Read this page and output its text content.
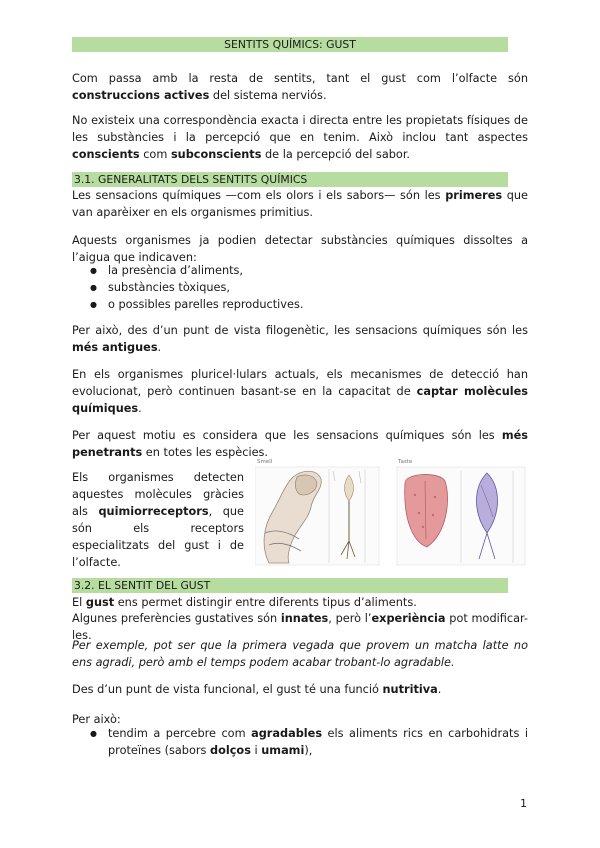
SENTITS QUÍMICS: GUST

Com passa amb la resta de sentits, tant el gust com l’olfacte són construccions actives del sistema nerviós.

No existeix una correspondència exacta i directa entre les propietats físiques de les substàncies i la percepció que en tenim. Això inclou tant aspectes conscients com subconscients de la percepció del sabor.

3.1. GENERALITATS DELS SENTITS QUÍMICS

Les sensacions químiques —com els olors i els sabors— són les primeres que van aparèixer en els organismes primitius.

Aquests organismes ja podien detectar substàncies químiques dissoltes a l’aigua que indicaven:

● la presència d’aliments,
● substàncies tòxiques,
● o possibles parelles reproductives.

Per això, des d’un punt de vista filogenètic, les sensacions químiques són les més antigues.

En els organismes pluricel·lulars actuals, els mecanismes de detecció han evolucionat, però continuen basant-se en la capacitat de captar molècules químiques.

Per aquest motiu es considera que les sensacions químiques són les més penetrants en totes les espècies.

Els organismes detecten aquestes molècules gràcies als quimiorreceptors, que són els receptors especialitzats del gust i de l’olfacte.

Smell	Taste
3.2. EL SENTIT DEL GUST

El gust ens permet distingir entre diferents tipus d’aliments.

Algunes preferències gustatives són innates, però l’experiència pot modificar-les.

Per exemple, pot ser que la primera vegada que provem un matcha latte no ens agradi, però amb el temps podem acabar trobant-lo agradable.

Des d’un punt de vista funcional, el gust té una funció nutritiva.

Per això:

● tendim a percebre com agradables els aliments rics en carbohidrats i proteïnes (sabors dolços i umami),
1
